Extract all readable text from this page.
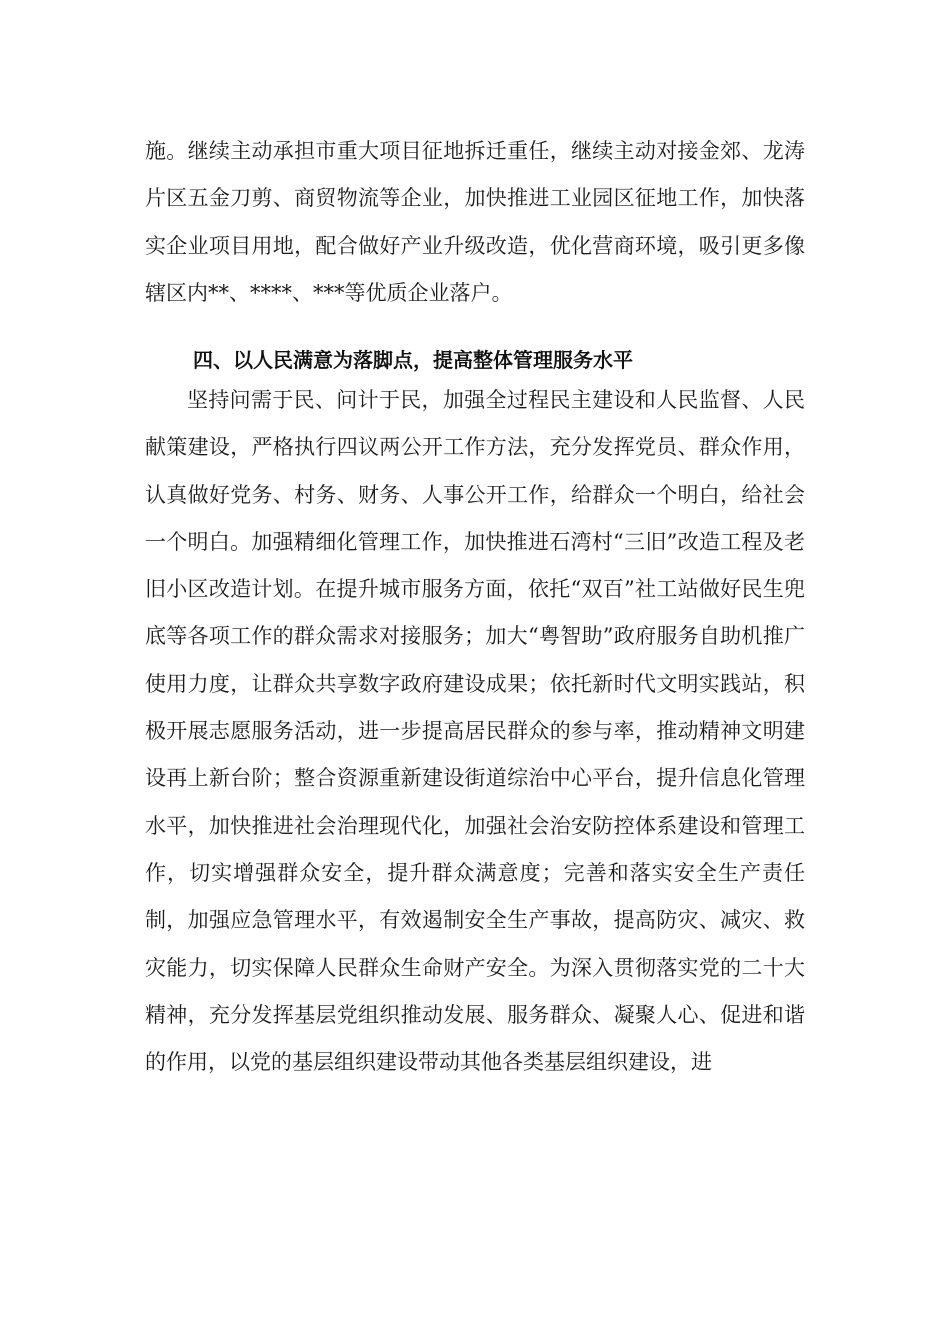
施。继续主动承担市重大项目征地拆迁重任，继续主动对接金郊、龙涛片区五金刀剪、商贸物流等企业，加快推进工业园区征地工作，加快落实企业项目用地，配合做好产业升级改造，优化营商环境，吸引更多像辖区内**、****、***等优质企业落户。
四、以人民满意为落脚点，提高整体管理服务水平
坚持问需于民、问计于民，加强全过程民主建设和人民监督、人民献策建设，严格执行四议两公开工作方法，充分发挥党员、群众作用，认真做好党务、村务、财务、人事公开工作，给群众一个明白，给社会一个明白。加强精细化管理工作，加快推进石湾村“三旧”改造工程及老旧小区改造计划。在提升城市服务方面，依托“双百”社工站做好民生兜底等各项工作的群众需求对接服务；加大“粤智助”政府服务自助机推广使用力度，让群众共享数字政府建设成果；依托新时代文明实践站，积极开展志愿服务活动，进一步提高居民群众的参与率，推动精神文明建设再上新台阶；整合资源重新建设街道综治中心平台，提升信息化管理水平，加快推进社会治理现代化，加强社会治安防控体系建设和管理工作，切实增强群众安全，提升群众满意度；完善和落实安全生产责任制，加强应急管理水平，有效遏制安全生产事故，提高防灾、减灾、救灾能力，切实保障人民群众生命财产安全。为深入贯彻落实党的二十大精神，充分发挥基层党组织推动发展、服务群众、凝聚人心、促进和谐的作用，以党的基层组织建设带动其他各类基层组织建设，进
